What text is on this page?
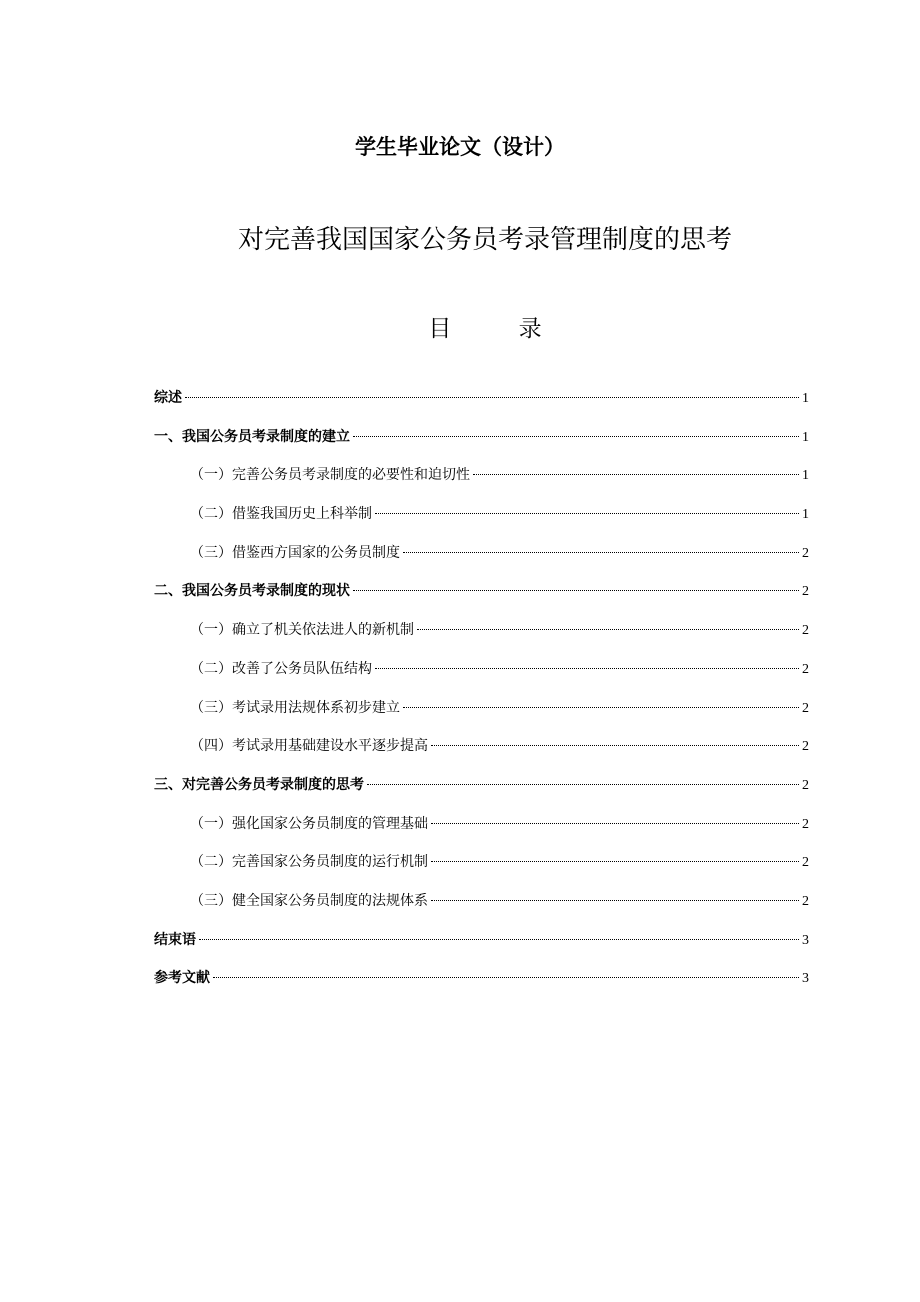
学生毕业论文（设计）
对完善我国国家公务员考录管理制度的思考
目 录
综述	1
一、我国公务员考录制度的建立	1
（一）完善公务员考录制度的必要性和迫切性	1
（二）借鉴我国历史上科举制	1
（三）借鉴西方国家的公务员制度	2
二、我国公务员考录制度的现状	2
（一）确立了机关依法进人的新机制	2
（二）改善了公务员队伍结构	2
（三）考试录用法规体系初步建立	2
（四）考试录用基础建设水平逐步提高	2
三、对完善公务员考录制度的思考	2
（一）强化国家公务员制度的管理基础	2
（二）完善国家公务员制度的运行机制	2
（三）健全国家公务员制度的法规体系	2
结束语	3
参考文献	3
